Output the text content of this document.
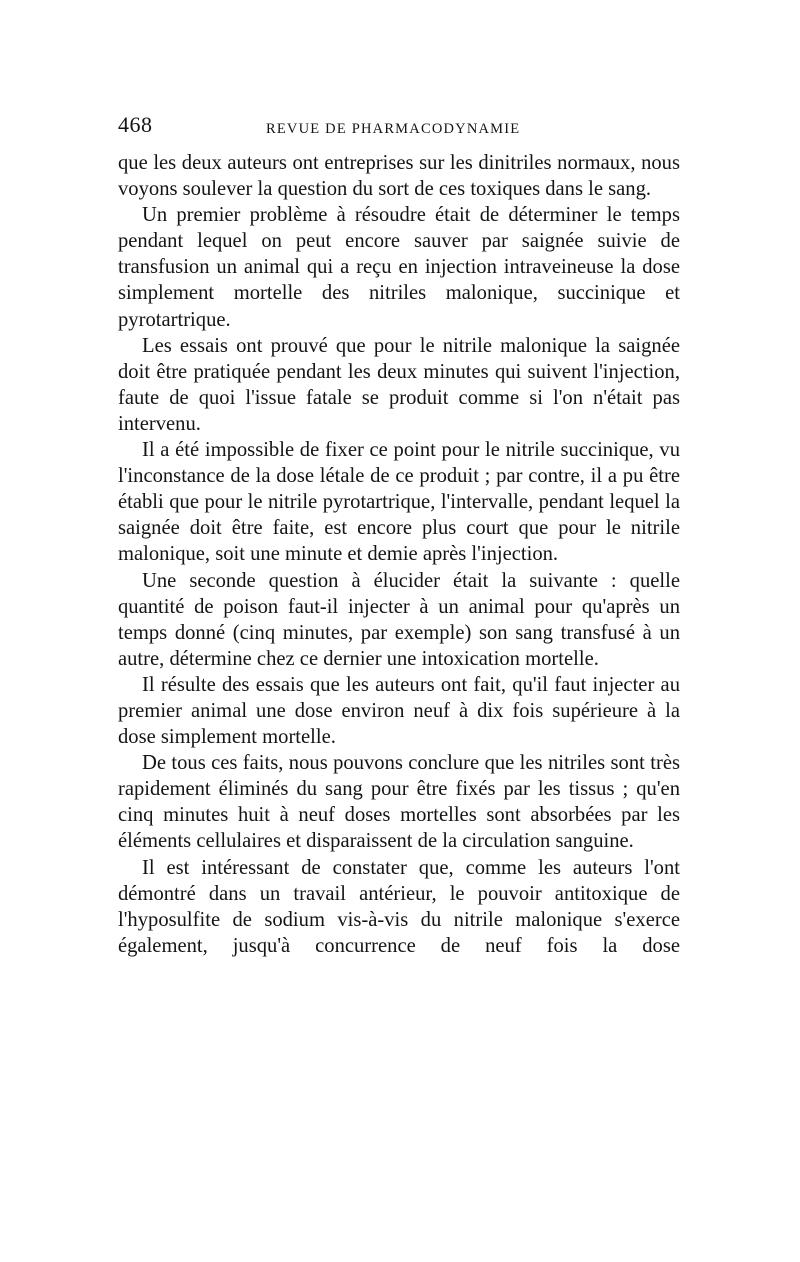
468	REVUE DE PHARMACODYNAMIE

que les deux auteurs ont entreprises sur les dinitriles normaux, nous voyons soulever la question du sort de ces toxiques dans le sang.

Un premier problème à résoudre était de déterminer le temps pendant lequel on peut encore sauver par saignée suivie de transfusion un animal qui a reçu en injection intraveineuse la dose simplement mortelle des nitriles malonique, succinique et pyrotartrique.

Les essais ont prouvé que pour le nitrile malonique la saignée doit être pratiquée pendant les deux minutes qui suivent l'injection, faute de quoi l'issue fatale se produit comme si l'on n'était pas intervenu.

Il a été impossible de fixer ce point pour le nitrile succinique, vu l'inconstance de la dose létale de ce produit ; par contre, il a pu être établi que pour le nitrile pyrotartrique, l'intervalle, pendant lequel la saignée doit être faite, est encore plus court que pour le nitrile malonique, soit une minute et demie après l'injection.

Une seconde question à élucider était la suivante : quelle quantité de poison faut-il injecter à un animal pour qu'après un temps donné (cinq minutes, par exemple) son sang transfusé à un autre, détermine chez ce dernier une intoxication mortelle.

Il résulte des essais que les auteurs ont fait, qu'il faut injecter au premier animal une dose environ neuf à dix fois supérieure à la dose simplement mortelle.

De tous ces faits, nous pouvons conclure que les nitriles sont très rapidement éliminés du sang pour être fixés par les tissus ; qu'en cinq minutes huit à neuf doses mortelles sont absorbées par les éléments cellulaires et disparaissent de la circulation sanguine.

Il est intéressant de constater que, comme les auteurs l'ont démontré dans un travail antérieur, le pouvoir antitoxique de l'hyposulfite de sodium vis-à-vis du nitrile malonique s'exerce également, jusqu'à concurrence de neuf fois la dose
